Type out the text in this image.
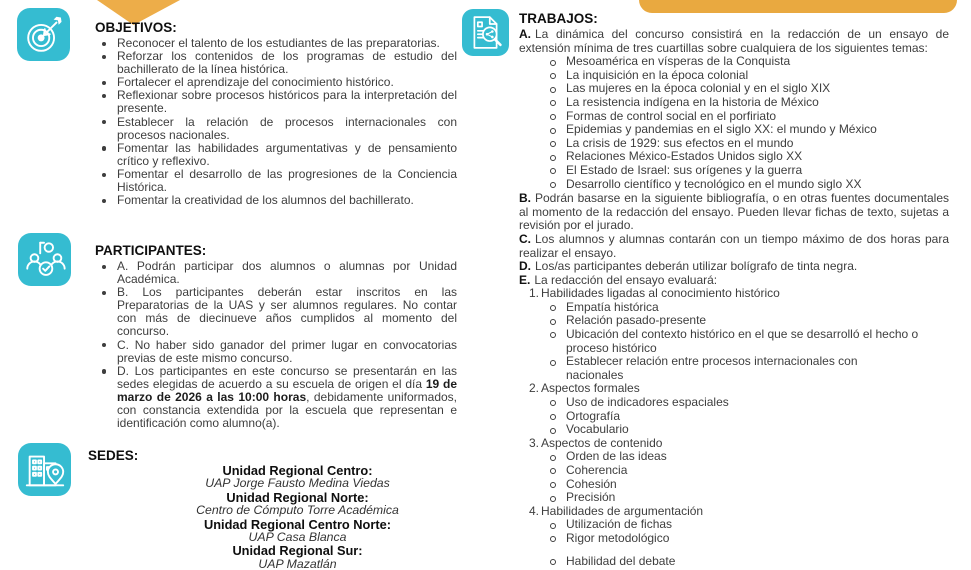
OBJETIVOS:
Reconocer el talento de los estudiantes de las preparatorias.
Reforzar los contenidos de los programas de estudio del bachillerato de la línea histórica.
Fortalecer el aprendizaje del conocimiento histórico.
Reflexionar sobre procesos históricos para la interpretación del presente.
Establecer la relación de procesos internacionales con procesos nacionales.
Fomentar las habilidades argumentativas y de pensamiento crítico y reflexivo.
Fomentar el desarrollo de las progresiones de la Conciencia Histórica.
Fomentar la creatividad de los alumnos del bachillerato.
PARTICIPANTES:
A. Podrán participar dos alumnos o alumnas por Unidad Académica.
B. Los participantes deberán estar inscritos en las Preparatorias de la UAS y ser alumnos regulares. No contar con más de diecinueve años cumplidos al momento del concurso.
C. No haber sido ganador del primer lugar en convocatorias previas de este mismo concurso.
D. Los participantes en este concurso se presentarán en las sedes elegidas de acuerdo a su escuela de origen el día 19 de marzo de 2026 a las 10:00 horas, debidamente uniformados, con constancia extendida por la escuela que representan e identificación como alumno(a).
SEDES:
Unidad Regional Centro:
UAP Jorge Fausto Medina Viedas
Unidad Regional Norte:
Centro de Cómputo Torre Académica
Unidad Regional Centro Norte:
UAP Casa Blanca
Unidad Regional Sur:
UAP Mazatlán
TRABAJOS:

A. La dinámica del concurso consistirá en la redacción de un ensayo de extensión mínima de tres cuartillas sobre cualquiera de los siguientes temas:

Mesoamérica en vísperas de la Conquista
La inquisición en la época colonial
Las mujeres en la época colonial y en el siglo XIX
La resistencia indígena en la historia de México
Formas de control social en el porfiriato
Epidemias y pandemias en el siglo XX: el mundo y México
La crisis de 1929: sus efectos en el mundo
Relaciones México-Estados Unidos siglo XX
El Estado de Israel: sus orígenes y la guerra
Desarrollo científico y tecnológico en el mundo siglo XX

B. Podrán basarse en la siguiente bibliografía, o en otras fuentes documentales al momento de la redacción del ensayo. Pueden llevar fichas de texto, sujetas a revisión por el jurado.

C. Los alumnos y alumnas contarán con un tiempo máximo de dos horas para realizar el ensayo.

D. Los/as participantes deberán utilizar bolígrafo de tinta negra.

E. La redacción del ensayo evaluará:

1. Habilidades ligadas al conocimiento histórico
Empatía histórica
Relación pasado-presente
Ubicación del contexto histórico en el que se desarrolló el hecho o proceso histórico
Establecer relación entre procesos internacionales con nacionales
2. Aspectos formales
Uso de indicadores espaciales
Ortografía
Vocabulario
3. Aspectos de contenido
Orden de las ideas
Coherencia
Cohesión
Precisión
4. Habilidades de argumentación
Utilización de fichas
Rigor metodológico
Habilidad del debate
